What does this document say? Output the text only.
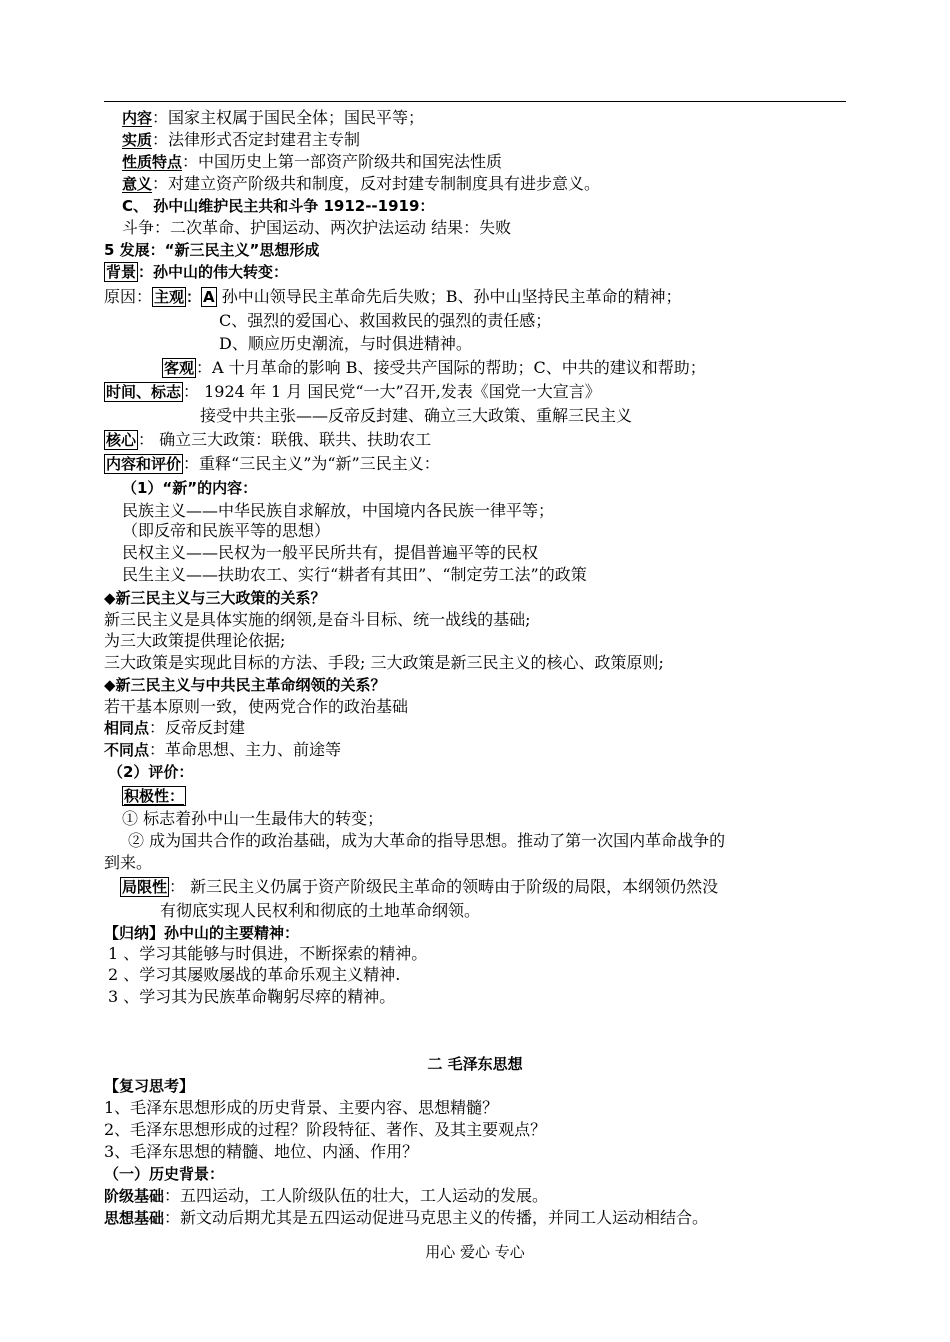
内容：国家主权属于国民全体；国民平等；
实质：法律形式否定封建君主专制
性质特点：中国历史上第一部资产阶级共和国宪法性质
意义：对建立资产阶级共和制度，反对封建专制制度具有进步意义。
C、 孙中山维护民主共和斗争 1912--1919：
斗争：二次革命、护国运动、两次护法运动 结果：失败
5 发展：“新三民主义”思想形成
背景 ：孙中山的伟大转变：
原因： 主观 ： A 孙中山领导民主革命先后失败；B、孙中山坚持民主革命的精神；
C、强烈的爱国心、救国救民的强烈的责任感；
D、顺应历史潮流，与时俱进精神。
客观 ：A 十月革命的影响 B、接受共产国际的帮助；C、中共的建议和帮助；
时间、标志 ： 1924 年 1 月 国民党“一大”召开,发表《国党一大宣言》
接受中共主张——反帝反封建、确立三大政策、重解三民主义
核心 ： 确立三大政策：联俄、联共、扶助农工
内容和评价 ：重释“三民主义”为“新”三民主义：
（1）“新”的内容：
民族主义——中华民族自求解放，中国境内各民族一律平等；
（即反帝和民族平等的思想）
民权主义——民权为一般平民所共有，提倡普遍平等的民权
民生主义——扶助农工、实行“耕者有其田”、“制定劳工法”的政策
◆新三民主义与三大政策的关系？
新三民主义是具体实施的纲领,是奋斗目标、统一战线的基础;
为三大政策提供理论依据;
三大政策是实现此目标的方法、手段; 三大政策是新三民主义的核心、政策原则;
◆新三民主义与中共民主革命纲领的关系？
若干基本原则一致，使两党合作的政治基础
相同点：反帝反封建
不同点：革命思想、主力、前途等
（2）评价：
积极性：
① 标志着孙中山一生最伟大的转变；
② 成为国共合作的政治基础，成为大革命的指导思想。推动了第一次国内革命战争的
到来。
局限性 ： 新三民主义仍属于资产阶级民主革命的领畴由于阶级的局限，本纲领仍然没
有彻底实现人民权利和彻底的土地革命纲领。
【归纳】孙中山的主要精神：
1 、学习其能够与时俱进，不断探索的精神。
2 、学习其屡败屡战的革命乐观主义精神.
3 、学习其为民族革命鞠躬尽瘁的精神。
二 毛泽东思想
【复习思考】
1、毛泽东思想形成的历史背景、主要内容、思想精髓？
2、毛泽东思想形成的过程？阶段特征、著作、及其主要观点？
3、毛泽东思想的精髓、地位、内涵、作用？
（一）历史背景：
阶级基础：五四运动，工人阶级队伍的壮大，工人运动的发展。
思想基础：新文动后期尤其是五四运动促进马克思主义的传播，并同工人运动相结合。
用心 爱心 专心
